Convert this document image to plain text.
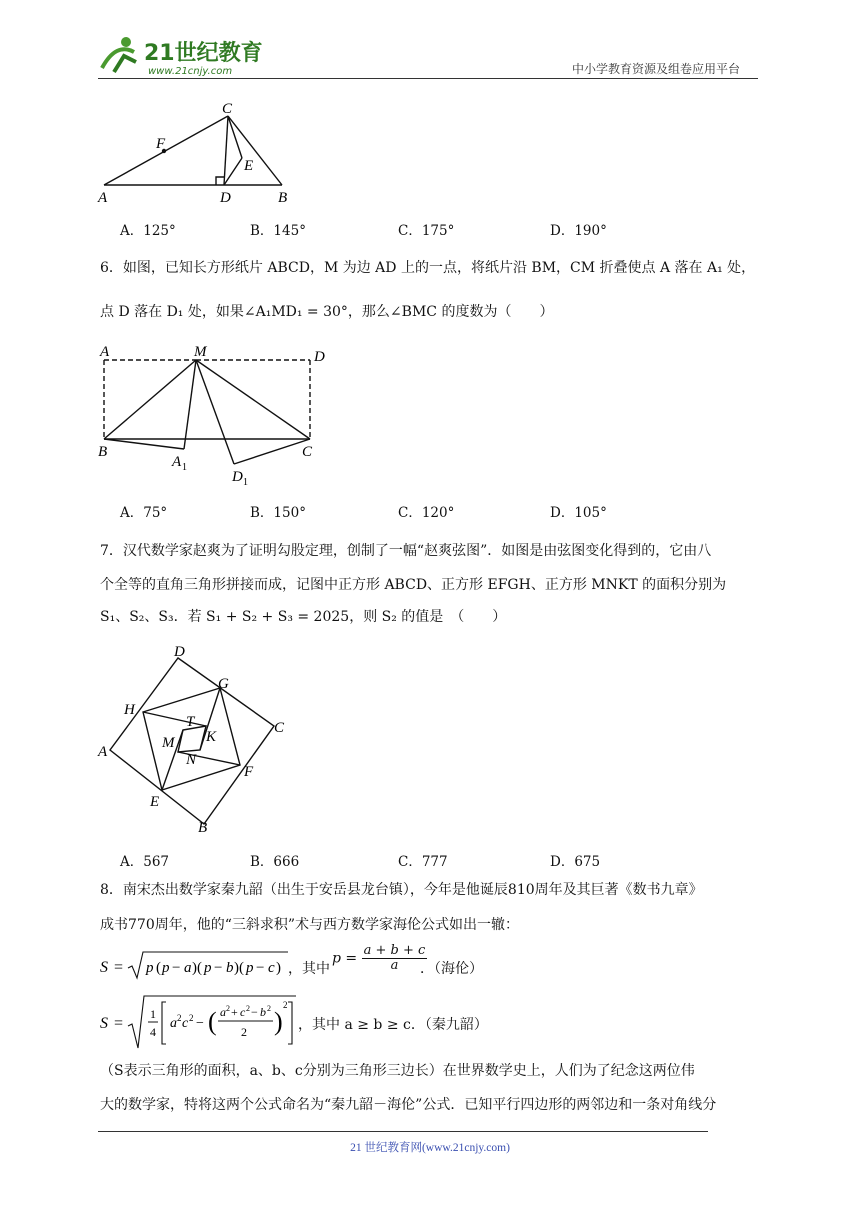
21世纪教育
www.21cnjy.com	中小学教育资源及组卷应用平台
A	D	B
C
F
E
A．125°	B．145°	C．175°	D．190°
6．如图，已知长方形纸片 ABCD，M 为边 AD 上的一点，将纸片沿 BM，CM 折叠使点 A 落在 A₁ 处，
点 D 落在 D₁ 处，如果∠A₁MD₁ = 30°，那么∠BMC 的度数为（　　）
A	M	D
B	C
A 1
D 1
A．75°	B．150°	C．120°	D．105°
7．汉代数学家赵爽为了证明勾股定理，创制了一幅“赵爽弦图”．如图是由弦图变化得到的，它由八
个全等的直角三角形拼接而成，记图中正方形 ABCD、正方形 EFGH、正方形 MNKT 的面积分别为
S₁、S₂、S₃．若 S₁ + S₂ + S₃ = 2025，则 S₂ 的值是　（　　）
D
G
C
H
T
K
M
N
A
F
E
B
A．567	B．666	C．777	D．675
8．南宋杰出数学家秦九韶（出生于安岳县龙台镇），今年是他诞辰810周年及其巨著《数书九章》
成书770周年，他的“三斜求积”术与西方数学家海伦公式如出一辙：
S = p ( p − a )( p − b )( p − c ) ，其中
$p = \frac{a + b + c}{a}$
．（海伦）
S =
1
4
a 2 c 2 − ( a 2 + c 2 − b 2
2 )
2
，其中 a ≥ b ≥ c．（秦九韶）
（S表示三角形的面积，a、b、c分别为三角形三边长）在世界数学史上，人们为了纪念这两位伟
大的数学家，特将这两个公式命名为“秦九韶－海伦”公式．已知平行四边形的两邻边和一条对角线分
21 世纪教育网(www.21cnjy.com)
